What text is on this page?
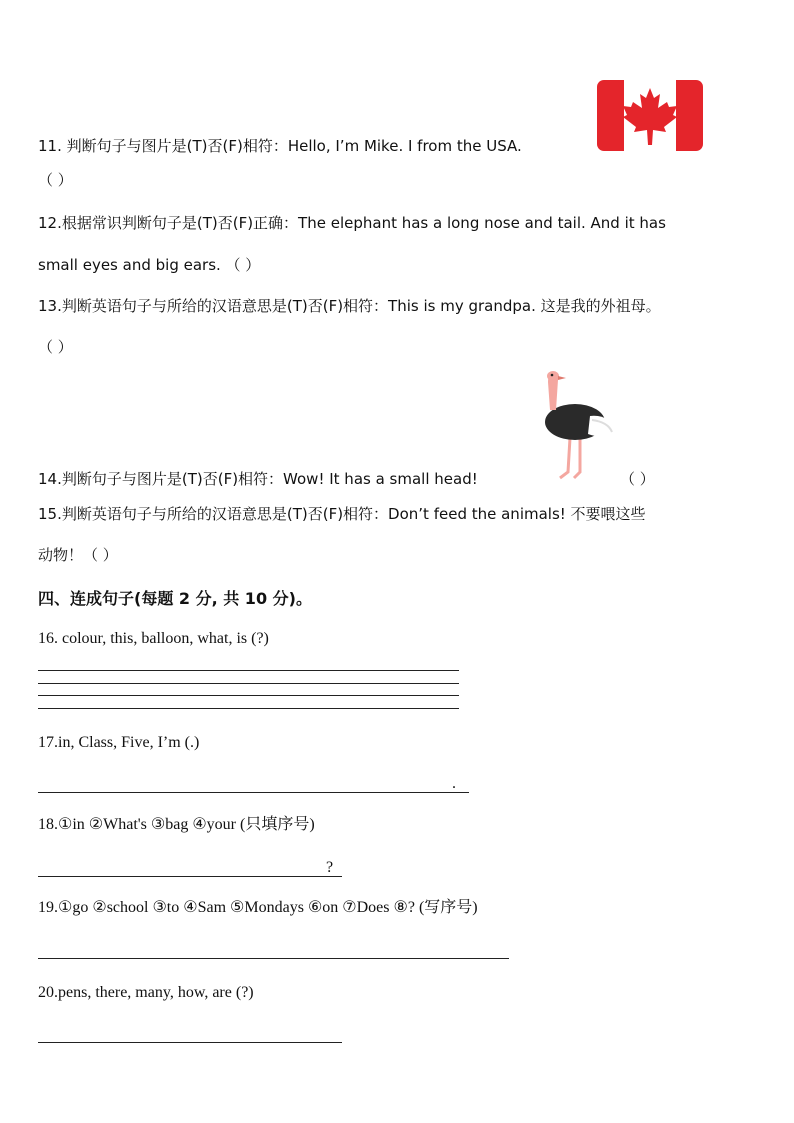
11. 判断句子与图片是(T)否(F)相符：Hello, I’m Mike. I from the USA.
（ ）
12.根据常识判断句子是(T)否(F)正确：The elephant has a long nose and tail. And it has
small eyes and big ears. （ ）
13.判断英语句子与所给的汉语意思是(T)否(F)相符：This is my grandpa. 这是我的外祖母。
（ ）
14.判断句子与图片是(T)否(F)相符：Wow! It has a small head!	（ ）
15.判断英语句子与所给的汉语意思是(T)否(F)相符：Don’t feed the animals! 不要喂这些
动物！（ ）
四、连成句子(每题 2 分, 共 10 分)。
16. colour, this, balloon, what, is (?)
17.in, Class, Five, I’m (.)
.
18.①in ②What's ③bag ④your (只填序号)
?
19.①go ②school ③to ④Sam ⑤Mondays ⑥on ⑦Does ⑧? (写序号)
20.pens, there, many, how, are (?)
